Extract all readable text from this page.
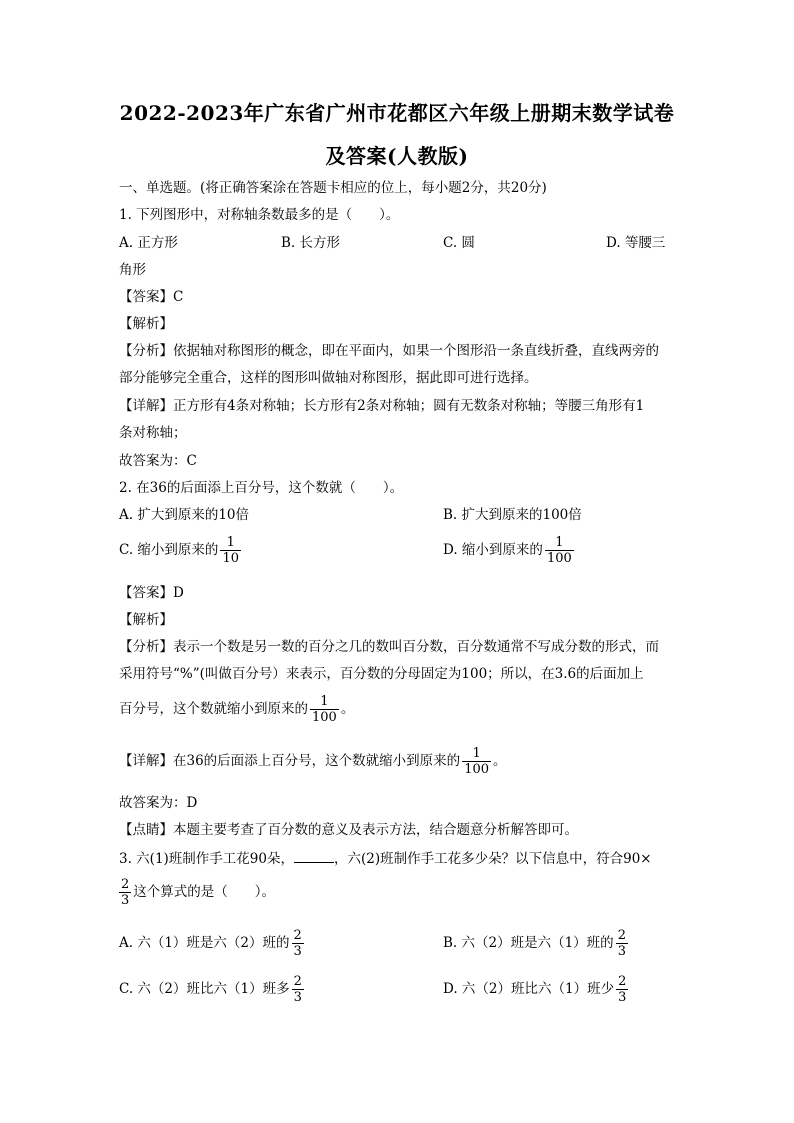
2022-2023年广东省广州市花都区六年级上册期末数学试卷
及答案(人教版)
一、单选题。(将正确答案涂在答题卡相应的位上，每小题2分，共20分)
1. 下列图形中，对称轴条数最多的是（　　）。
A. 正方形	B. 长方形	C. 圆	D. 等腰三
角形
【答案】C
【解析】
【分析】依据轴对称图形的概念，即在平面内，如果一个图形沿一条直线折叠，直线两旁的
部分能够完全重合，这样的图形叫做轴对称图形，据此即可进行选择。
【详解】正方形有4条对称轴；长方形有2条对称轴；圆有无数条对称轴；等腰三角形有1
条对称轴；
故答案为：C
2. 在36的后面添上百分号，这个数就（　　）。
A. 扩大到原来的10倍	B. 扩大到原来的100倍
C. 缩小到原来的 $\frac{1}{10}$	D. 缩小到原来的 $\frac{1}{100}$
【答案】D
【解析】
【分析】表示一个数是另一数的百分之几的数叫百分数，百分数通常不写成分数的形式，而
采用符号“%”(叫做百分号）来表示，百分数的分母固定为100；所以，在3.6的后面加上
百分号，这个数就缩小到原来的 $\frac{1}{100}$ 。
【详解】在36的后面添上百分号，这个数就缩小到原来的 $\frac{1}{100}$ 。
故答案为：D
【点睛】本题主要考查了百分数的意义及表示方法，结合题意分析解答即可。
3. 六(1)班制作手工花90朵，	，六(2)班制作手工花多少朵？以下信息中，符合90×
$\frac{2}{3}$ 这个算式的是（　　）。
A. 六（1）班是六（2）班的 $\frac{2}{3}$	B. 六（2）班是六（1）班的 $\frac{2}{3}$
C. 六（2）班比六（1）班多 $\frac{2}{3}$	D. 六（2）班比六（1）班少 $\frac{2}{3}$
